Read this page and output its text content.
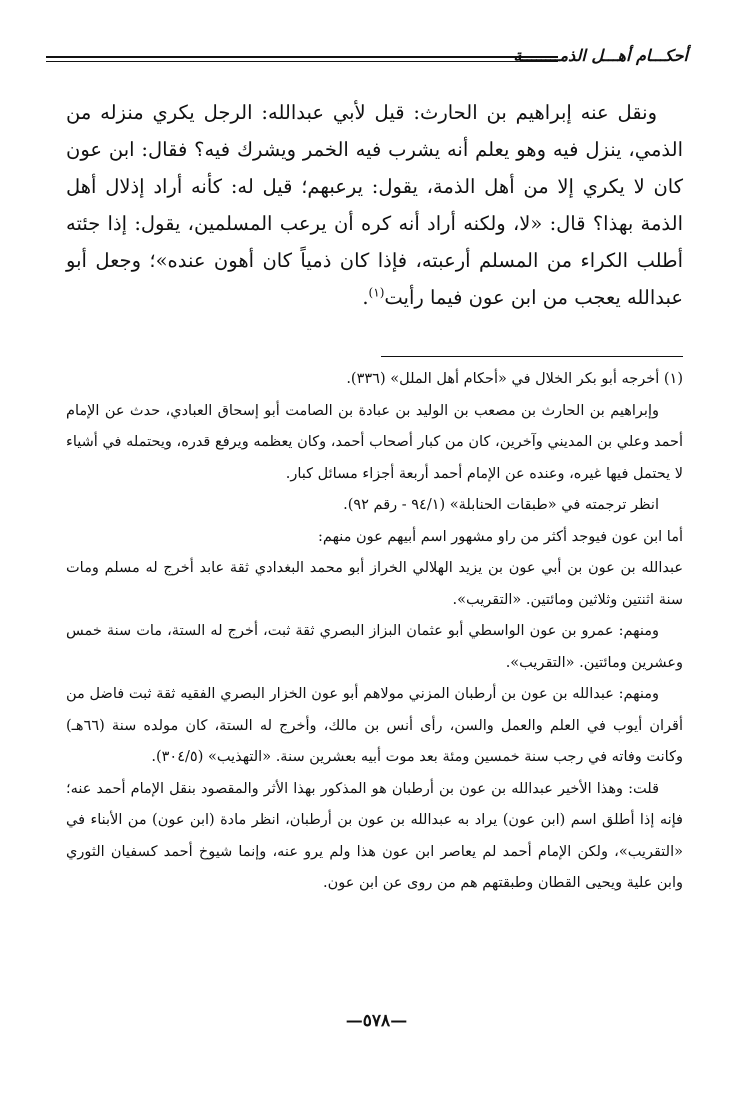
أحكـــام أهـــل الذمــــــــة

ونقل عنه إبراهيم بن الحارث: قيل لأبي عبدالله: الرجل يكري منزله من الذمي، ينزل فيه وهو يعلم أنه يشرب فيه الخمر ويشرك فيه؟ فقال: ابن عون كان لا يكري إلا من أهل الذمة، يقول: يرعبهم؛ قيل له: كأنه أراد إذلال أهل الذمة بهذا؟ قال: «لا، ولكنه أراد أنه كره أن يرعب المسلمين، يقول: إذا جئته أطلب الكراء من المسلم أرعبته، فإذا كان ذمياً كان أهون عنده»؛ وجعل أبو عبدالله يعجب من ابن عون فيما رأيت$^{(١)}$.

(١) أخرجه أبو بكر الخلال في «أحكام أهل الملل» (٣٣٦).

وإبراهيم بن الحارث بن مصعب بن الوليد بن عبادة بن الصامت أبو إسحاق العبادي، حدث عن الإمام أحمد وعلي بن المديني وآخرين، كان من كبار أصحاب أحمد، وكان يعظمه ويرفع قدره، ويحتمله في أشياء لا يحتمل فيها غيره، وعنده عن الإمام أحمد أربعة أجزاء مسائل كبار.

انظر ترجمته في «طبقات الحنابلة» (٩٤/١ - رقم ٩٢).

أما ابن عون فيوجد أكثر من راو مشهور اسم أبيهم عون منهم:

عبدالله بن عون بن أبي عون بن يزيد الهلالي الخراز أبو محمد البغدادي ثقة عابد أخرج له مسلم ومات سنة اثنتين وثلاثين ومائتين. «التقريب».

ومنهم: عمرو بن عون الواسطي أبو عثمان البزاز البصري ثقة ثبت، أخرج له الستة، مات سنة خمس وعشرين ومائتين. «التقريب».

ومنهم: عبدالله بن عون بن أرطبان المزني مولاهم أبو عون الخزار البصري الفقيه ثقة ثبت فاضل من أقران أيوب في العلم والعمل والسن، رأى أنس بن مالك، وأخرج له الستة، كان مولده سنة (٦٦هـ) وكانت وفاته في رجب سنة خمسين ومئة بعد موت أبيه بعشرين سنة. «التهذيب» (٣٠٤/٥).

قلت: وهذا الأخير عبدالله بن عون بن أرطبان هو المذكور بهذا الأثر والمقصود بنقل الإمام أحمد عنه؛ فإنه إذا أطلق اسم (ابن عون) يراد به عبدالله بن عون بن أرطبان، انظر مادة (ابن عون) من الأبناء في «التقريب»، ولكن الإمام أحمد لم يعاصر ابن عون هذا ولم يرو عنه، وإنما شيوخ أحمد كسفيان الثوري وابن علية ويحيى القطان وطبقتهم هم من روى عن ابن عون.

—٥٧٨—
